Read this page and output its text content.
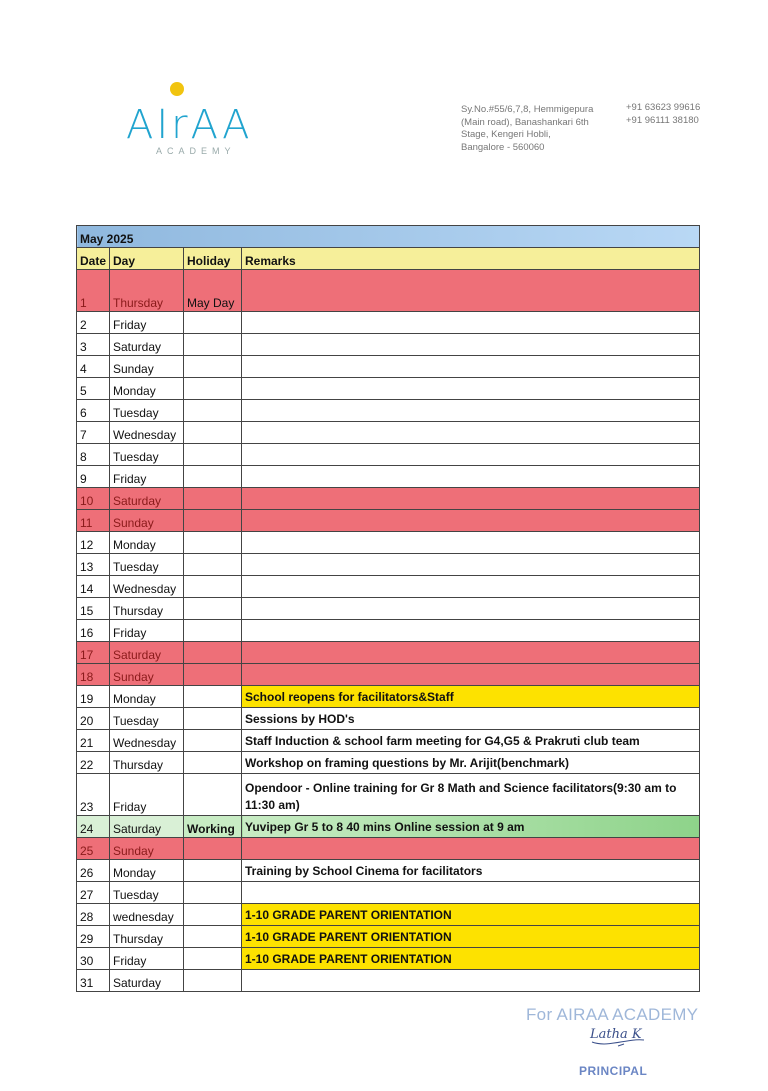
AIrAA
ACADEMY
Sy.No.#55/6,7,8, Hemmigepura
(Main road), Banashankari 6th
Stage, Kengeri Hobli,
Bangalore - 560060
+91 63623 99616
+91 96111 38180
May 2025			
Date	Day	Holiday	Remarks
1	Thursday	May Day	
2	Friday		
3	Saturday		
4	Sunday		
5	Monday		
6	Tuesday		
7	Wednesday		
8	Tuesday		
9	Friday		
10	Saturday		
11	Sunday		
12	Monday		
13	Tuesday		
14	Wednesday		
15	Thursday		
16	Friday		
17	Saturday		
18	Sunday		
19	Monday		School reopens for facilitators&Staff
20	Tuesday		Sessions by HOD's
21	Wednesday		Staff Induction & school farm meeting for G4,G5 & Prakruti club team
22	Thursday		Workshop on framing questions by Mr. Arijit(benchmark)
23	Friday		Opendoor - Online training for Gr 8 Math and Science facilitators(9:30 am to 11:30 am)
24	Saturday	Working	Yuvipep Gr 5 to 8 40 mins Online session at 9 am
25	Sunday		
26	Monday		Training by School Cinema for facilitators
27	Tuesday		
28	wednesday		1-10 GRADE PARENT ORIENTATION
29	Thursday		1-10 GRADE PARENT ORIENTATION
30	Friday		1-10 GRADE PARENT ORIENTATION
31	Saturday		
For AIRAA ACADEMY
Latha K
PRINCIPAL
